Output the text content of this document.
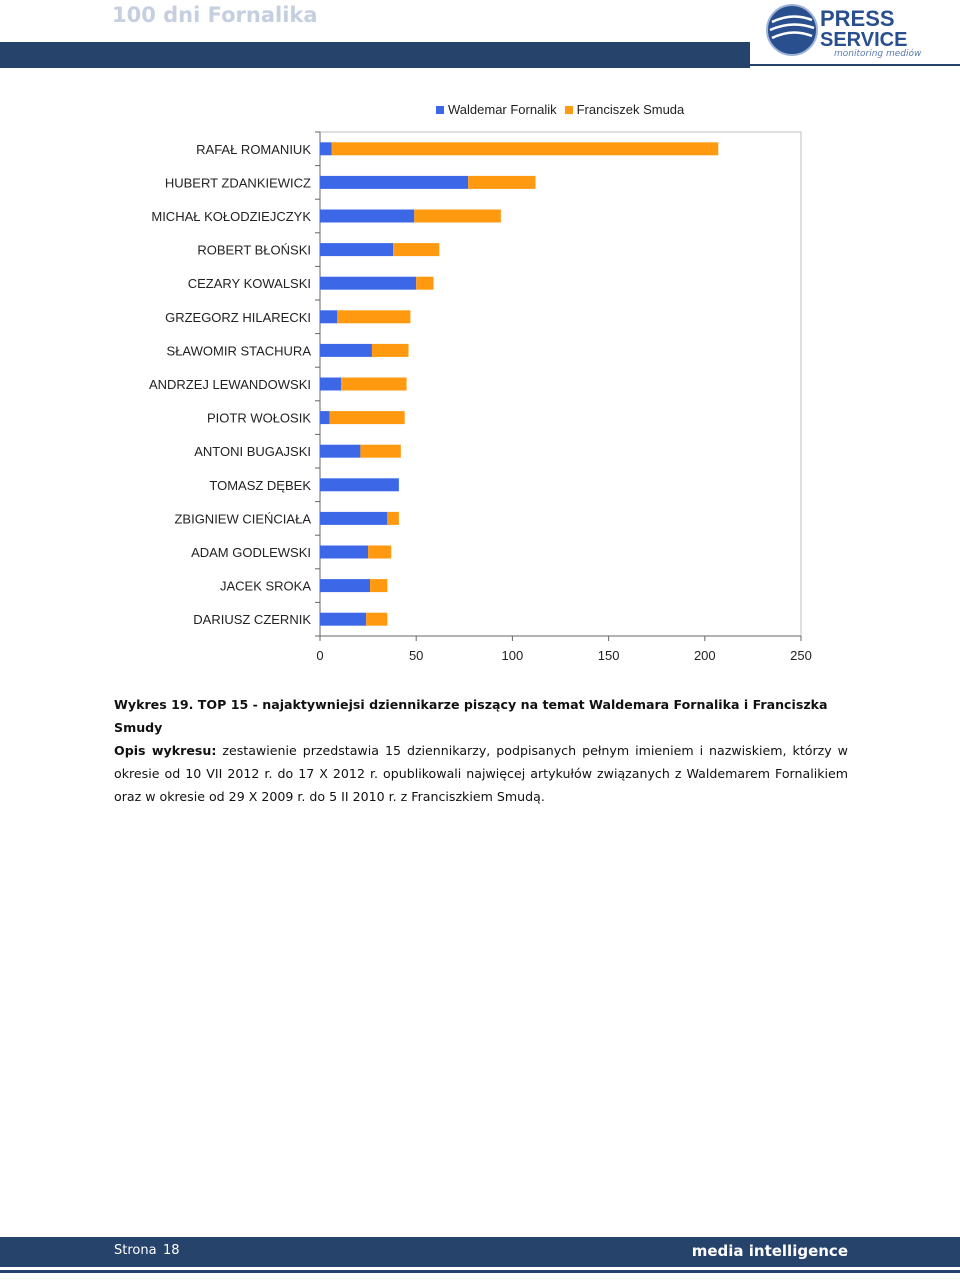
100 dni Fornalika	PRESS
SERVICE
monitoring mediów
Waldemar Fornalik Franciszek Smuda
0	50	100	150	200	250
RAFAŁ ROMANIUK
HUBERT ZDANKIEWICZ
MICHAŁ KOŁODZIEJCZYK
ROBERT BŁOŃSKI
CEZARY KOWALSKI
GRZEGORZ HILARECKI
SŁAWOMIR STACHURA
ANDRZEJ LEWANDOWSKI
PIOTR WOŁOSIK
ANTONI BUGAJSKI
TOMASZ DĘBEK
ZBIGNIEW CIEŃCIAŁA
ADAM GODLEWSKI
JACEK SROKA
DARIUSZ CZERNIK
Wykres 19. TOP 15 - najaktywniejsi dziennikarze piszący na temat Waldemara Fornalika i Franciszka Smudy
Opis wykresu: zestawienie przedstawia 15 dziennikarzy, podpisanych pełnym imieniem i nazwiskiem, którzy w okresie od 10 VII 2012 r. do 17 X 2012 r. opublikowali najwięcej artykułów związanych z Waldemarem Fornalikiem oraz w okresie od 29 X 2009 r. do 5 II 2010 r. z Franciszkiem Smudą.
Strona 18	media intelligence
